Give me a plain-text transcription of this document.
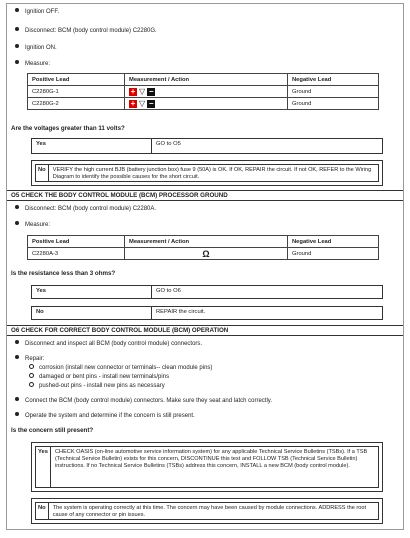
Ignition OFF.
Disconnect: BCM (body control module) C2280G.
Ignition ON.
Measure:
Positive Lead	Measurement / Action	Negative Lead
C2280G-1	+ ▽ −	Ground
C2280G-2	+ ▽ −	Ground
Are the voltages greater than 11 volts?
Yes	GO to O5
No	VERIFY the high current BJB (battery junction box) fuse 9 (50A) is OK. If OK, REPAIR the circuit. If not OK, REFER to the Wiring Diagram to identify the possible causes for the short circuit.
O5 CHECK THE BODY CONTROL MODULE (BCM) PROCESSOR GROUND
Disconnect: BCM (body control module) C2280A.
Measure:
Positive Lead	Measurement / Action	Negative Lead
C2280A-3	Ω	Ground
Is the resistance less than 3 ohms?
Yes	GO to O6
No	REPAIR the circuit.
O6 CHECK FOR CORRECT BODY CONTROL MODULE (BCM) OPERATION
Disconnect and inspect all BCM (body control module) connectors.
Repair:
corrosion (install new connector or terminals-- clean module pins)
damaged or bent pins - install new terminals/pins
pushed-out pins - install new pins as necessary
Connect the BCM (body control module) connectors. Make sure they seat and latch correctly.
Operate the system and determine if the concern is still present.
Is the concern still present?
Yes	CHECK OASIS (on-line automotive service information system) for any applicable Technical Service Bulletins (TSBs). If a TSB (Technical Service Bulletin) exists for this concern, DISCONTINUE this test and FOLLOW TSB (Technical Service Bulletin) instructions. If no Technical Service Bulletins (TSBs) address this concern, INSTALL a new BCM (body control module).
No	The system is operating correctly at this time. The concern may have been caused by module connections. ADDRESS the root cause of any connector or pin issues.
